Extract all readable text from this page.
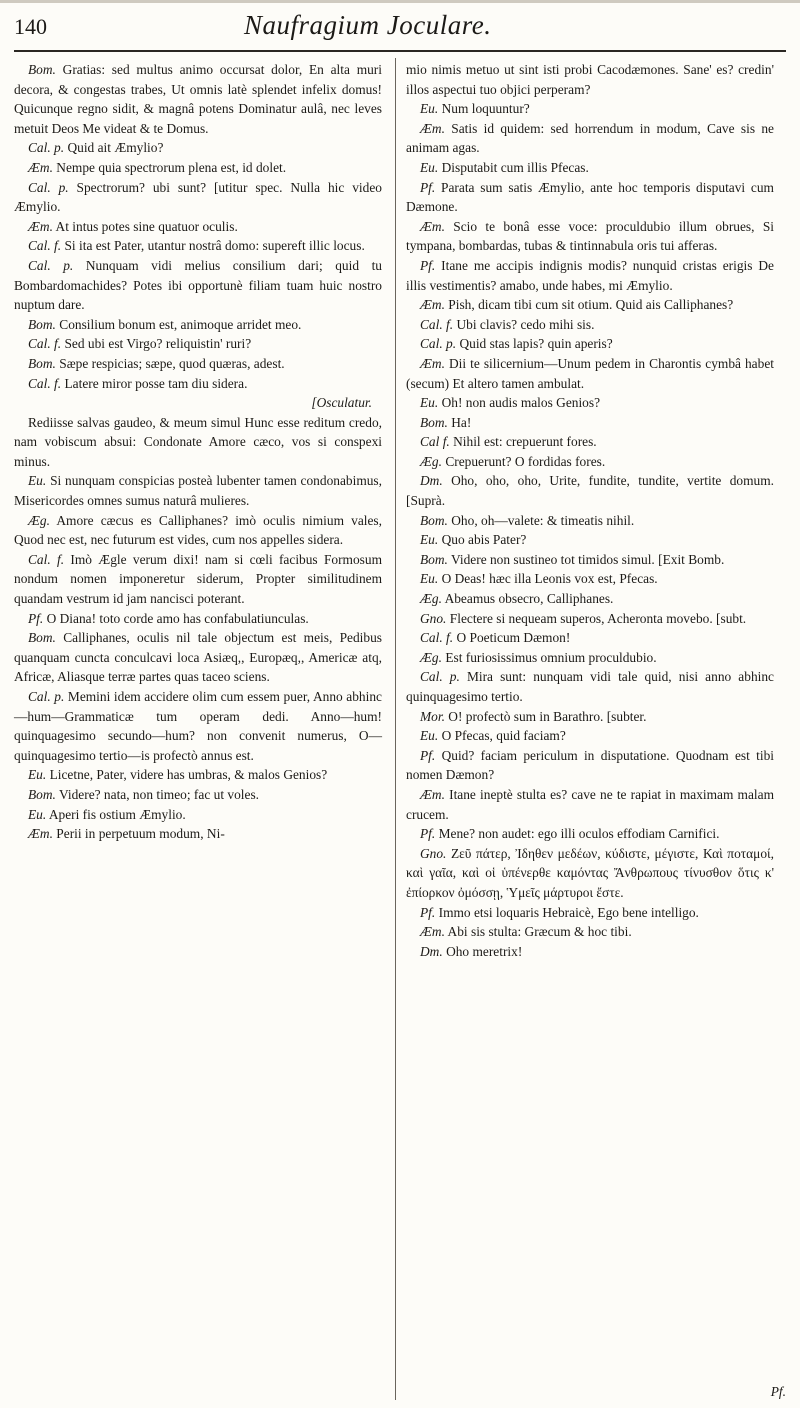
140	Naufragium Joculare.

Bom. Gratias: sed multus animo occursat dolor, En alta muri decora, & congestas trabes, Ut omnis latè splendet infelix domus! Quicunque regno sidit, & magnâ potens Dominatur aulâ, nec leves metuit Deos Me videat & te Domus.

Cal. p. Quid ait Æmylio?

Æm. Nempe quia spectrorum plena est, id dolet.

Cal. p. Spectrorum? ubi sunt? [utitur spec. Nulla hic video Æmylio.

Æm. At intus potes sine quatuor oculis.

Cal. f. Si ita est Pater, utantur nostrâ domo: supereft illic locus.

Cal. p. Nunquam vidi melius consilium dari; quid tu Bombardomachides? Potes ibi opportunè filiam tuam huic nostro nuptum dare.

Bom. Consilium bonum est, animoque arridet meo.

Cal. f. Sed ubi est Virgo? reliquistin' ruri?

Bom. Sæpe respicias; sæpe, quod quæras, adest.

Cal. f. Latere miror posse tam diu sidera.

[Osculatur.

Rediisse salvas gaudeo, & meum simul Hunc esse reditum credo, nam vobiscum absui: Condonate Amore cæco, vos si conspexi minus.

Eu. Si nunquam conspicias posteà lubenter tamen condonabimus, Misericordes omnes sumus naturâ mulieres.

Æg. Amore cæcus es Calliphanes? imò oculis nimium vales, Quod nec est, nec futurum est vides, cum nos appelles sidera.

Cal. f. Imò Ægle verum dixi! nam si cœli facibus Formosum nondum nomen imponeretur siderum, Propter similitudinem quandam vestrum id jam nancisci poterant.

Pf. O Diana! toto corde amo has confabulatiunculas.

Bom. Calliphanes, oculis nil tale objectum est meis, Pedibus quanquam cuncta conculcavi loca Asiæq,, Europæq,, Americæ atq, Africæ, Aliasque terræ partes quas taceo sciens.

Cal. p. Memini idem accidere olim cum essem puer, Anno abhinc—hum—Grammaticæ tum operam dedi. Anno—hum! quinquagesimo secundo—hum? non convenit numerus, O—quinquagesimo tertio—is profectò annus est.

Eu. Licetne, Pater, videre has umbras, & malos Genios?

Bom. Videre? nata, non timeo; fac ut voles.

Eu. Aperi fis ostium Æmylio.

Æm. Perii in perpetuum modum, Ni-

mio nimis metuo ut sint isti probi Cacodæmones. Sane' es? credin' illos aspectui tuo objici perperam?

Eu. Num loquuntur?

Æm. Satis id quidem: sed horrendum in modum, Cave sis ne animam agas.

Eu. Disputabit cum illis Pfecas.

Pf. Parata sum satis Æmylio, ante hoc temporis disputavi cum Dæmone.

Æm. Scio te bonâ esse voce: proculdubio illum obrues, Si tympana, bombardas, tubas & tintinnabula oris tui afferas.

Pf. Itane me accipis indignis modis? nunquid cristas erigis De illis vestimentis? amabo, unde habes, mi Æmylio.

Æm. Pish, dicam tibi cum sit otium. Quid ais Calliphanes?

Cal. f. Ubi clavis? cedo mihi sis.

Cal. p. Quid stas lapis? quin aperis?

Æm. Dii te silicernium—Unum pedem in Charontis cymbâ habet (secum) Et altero tamen ambulat.

Eu. Oh! non audis malos Genios?

Bom. Ha!

Cal f. Nihil est: crepuerunt fores.

Æg. Crepuerunt? O fordidas fores.

Dm. Oho, oho, oho, Urite, fundite, tundite, vertite domum. [Suprà.

Bom. Oho, oh—valete: & timeatis nihil.

Eu. Quo abis Pater?

Bom. Videre non sustineo tot timidos simul. [Exit Bomb.

Eu. O Deas! hæc illa Leonis vox est, Pfecas.

Æg. Abeamus obsecro, Calliphanes.

Gno. Flectere si nequeam superos, Acheronta movebo. [subt.

Cal. f. O Poeticum Dæmon!

Æg. Est furiosissimus omnium proculdubio.

Cal. p. Mira sunt: nunquam vidi tale quid, nisi anno abhinc quinquagesimo tertio.

Mor. O! profectò sum in Barathro. [subter.

Eu. O Pfecas, quid faciam?

Pf. Quid? faciam periculum in disputatione. Quodnam est tibi nomen Dæmon?

Æm. Itane ineptè stulta es? cave ne te rapiat in maximam malam crucem.

Pf. Mene? non audet: ego illi oculos effodiam Carnifici.

Gno. Ζεῦ πάτερ, Ἰδηθεν μεδέων, κύδιστε, μέγιστε, Καὶ ποταμοί, καὶ γαῖα, καὶ οἱ ὑπένερθε καμόντας Ἄνθρωπους τίνυσθον ὅτις κ' ἐπίορκον ὀμόσσῃ, Ὑμεῖς μάρτυροι ἔστε.

Pf. Immo etsi loquaris Hebraicè, Ego bene intelligo.

Æm. Abi sis stulta: Græcum & hoc tibi.

Dm. Oho meretrix!

Pf.
